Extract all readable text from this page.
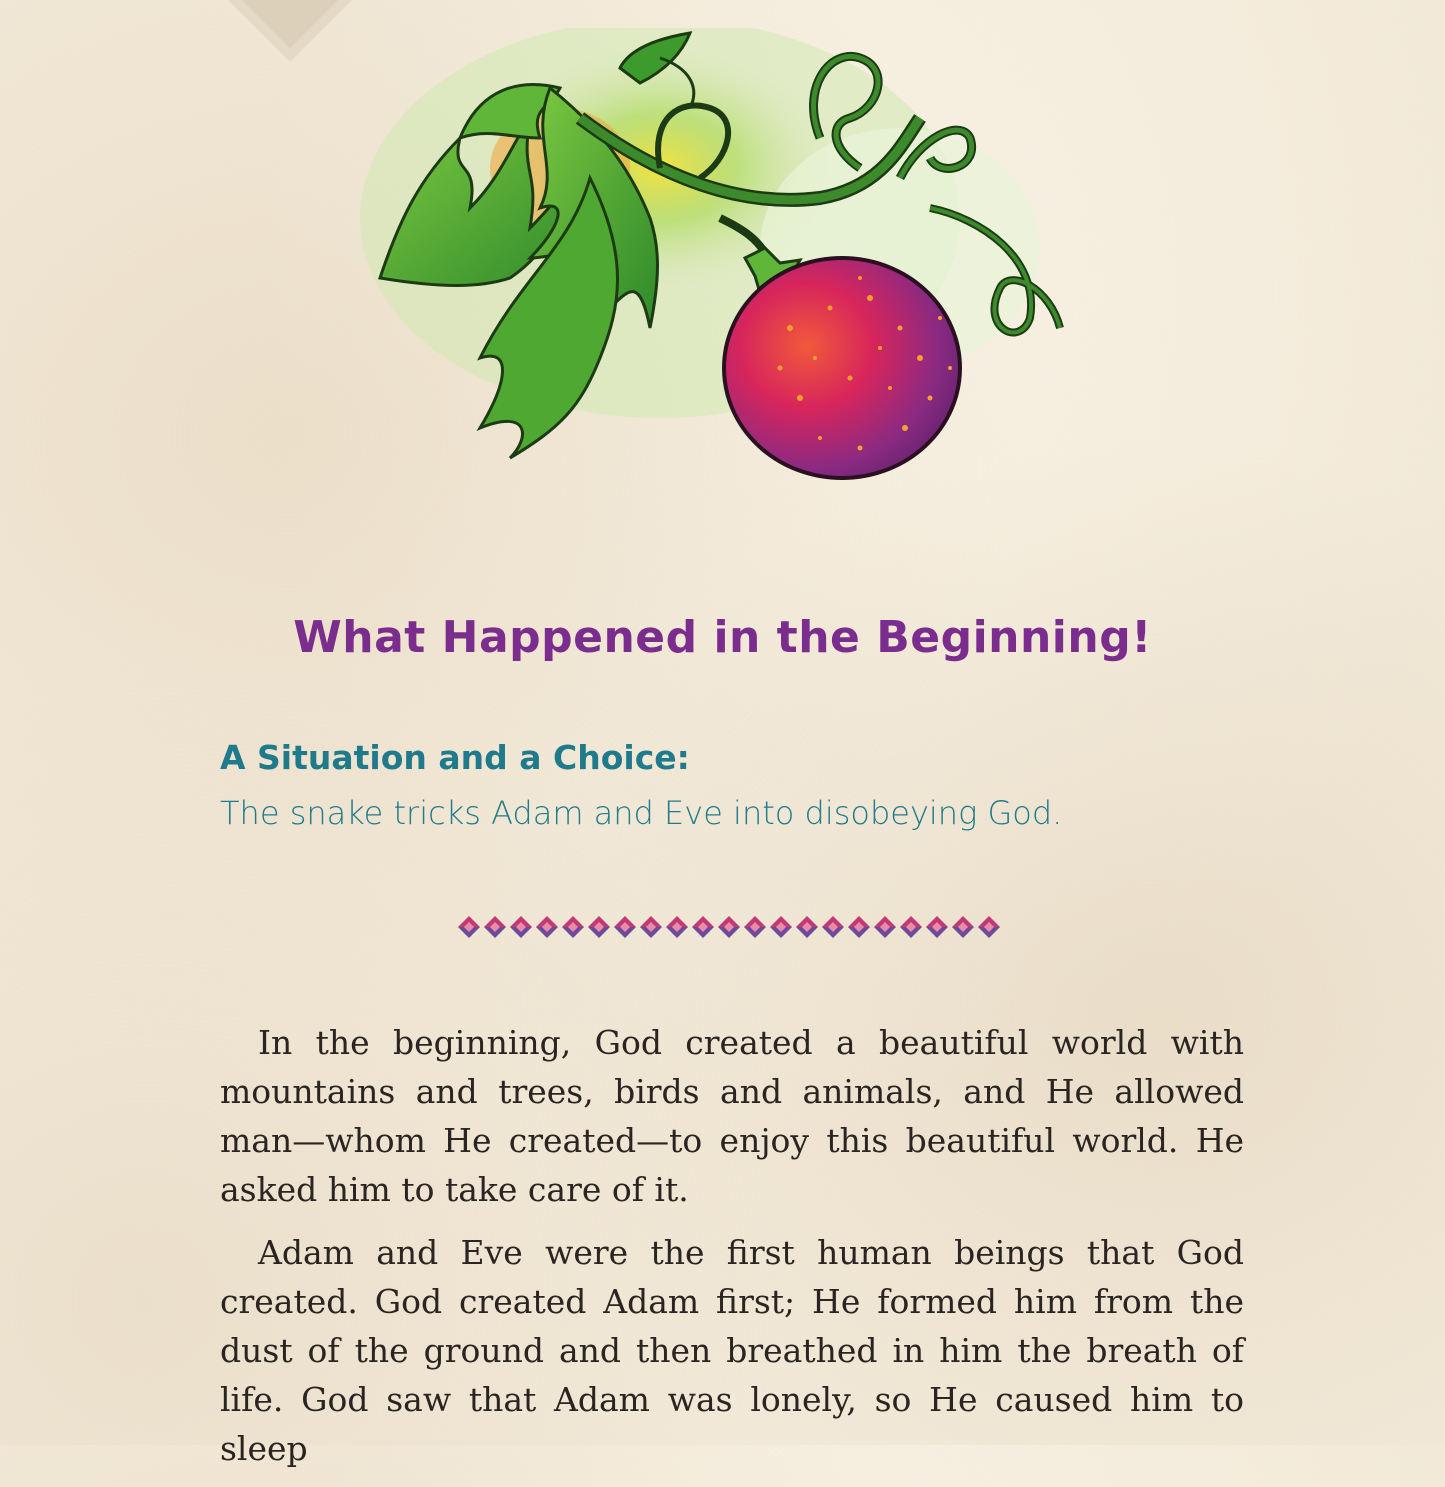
What Happened in the Beginning!
A Situation and a Choice:
The snake tricks Adam and Eve into disobeying God.

In the beginning, God created a beautiful world with mountains and trees, birds and animals, and He allowed man—whom He created—to enjoy this beautiful world. He asked him to take care of it.

Adam and Eve were the first human beings that God created. God created Adam first; He formed him from the dust of the ground and then breathed in him the breath of life. God saw that Adam was lonely, so He caused him to sleep
